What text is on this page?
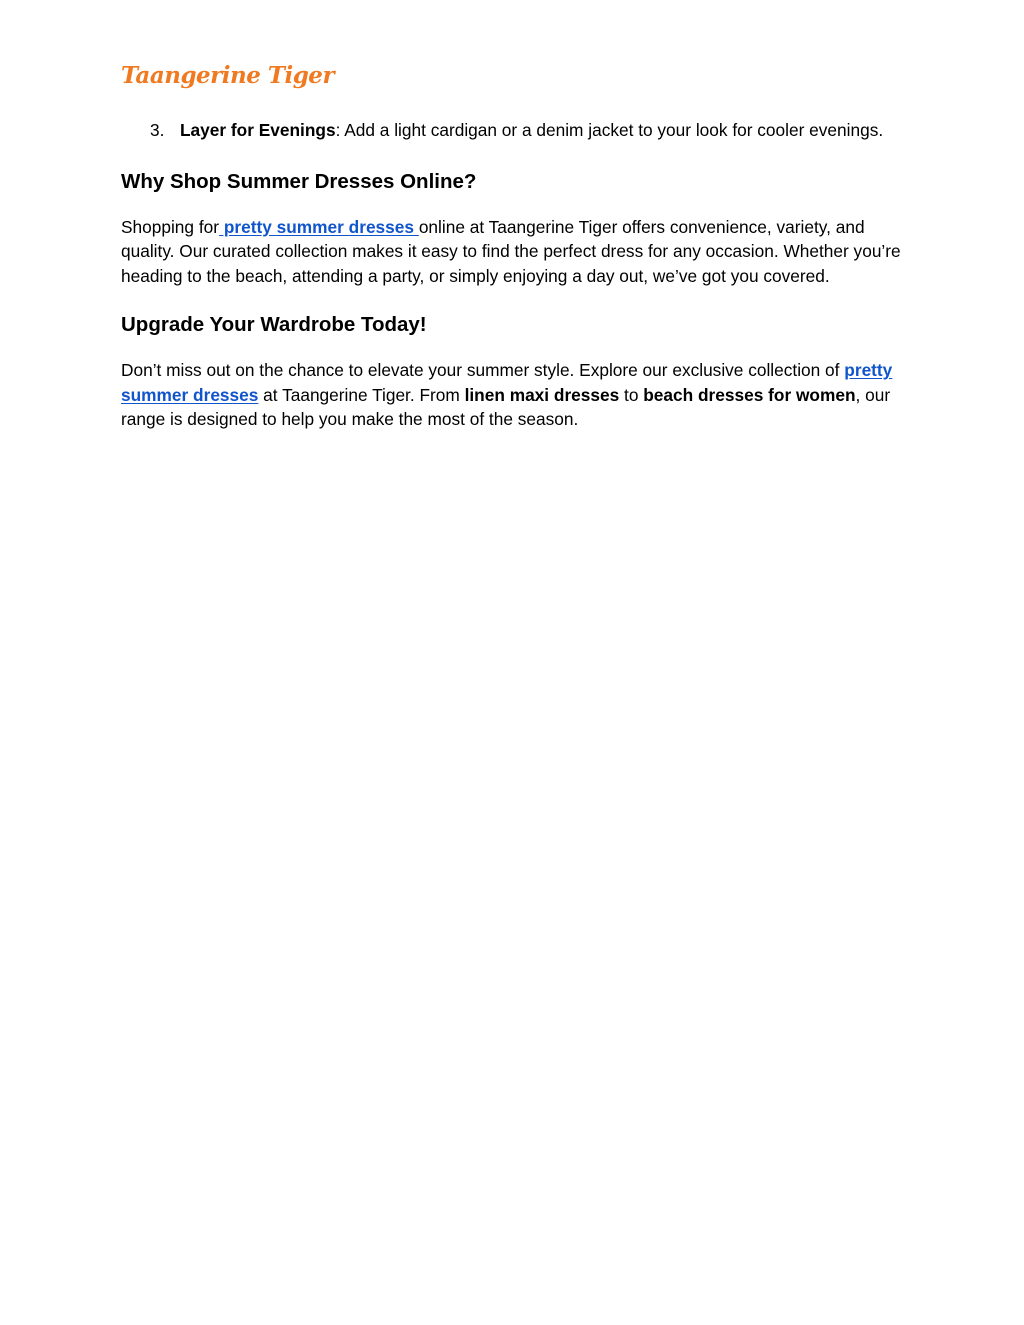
Taangerine Tiger
3. Layer for Evenings: Add a light cardigan or a denim jacket to your look for cooler evenings.
Why Shop Summer Dresses Online?

Shopping for pretty summer dresses online at Taangerine Tiger offers convenience, variety, and quality. Our curated collection makes it easy to find the perfect dress for any occasion. Whether you’re heading to the beach, attending a party, or simply enjoying a day out, we’ve got you covered.

Upgrade Your Wardrobe Today!

Don’t miss out on the chance to elevate your summer style. Explore our exclusive collection of pretty summer dresses at Taangerine Tiger. From linen maxi dresses to beach dresses for women, our range is designed to help you make the most of the season.
